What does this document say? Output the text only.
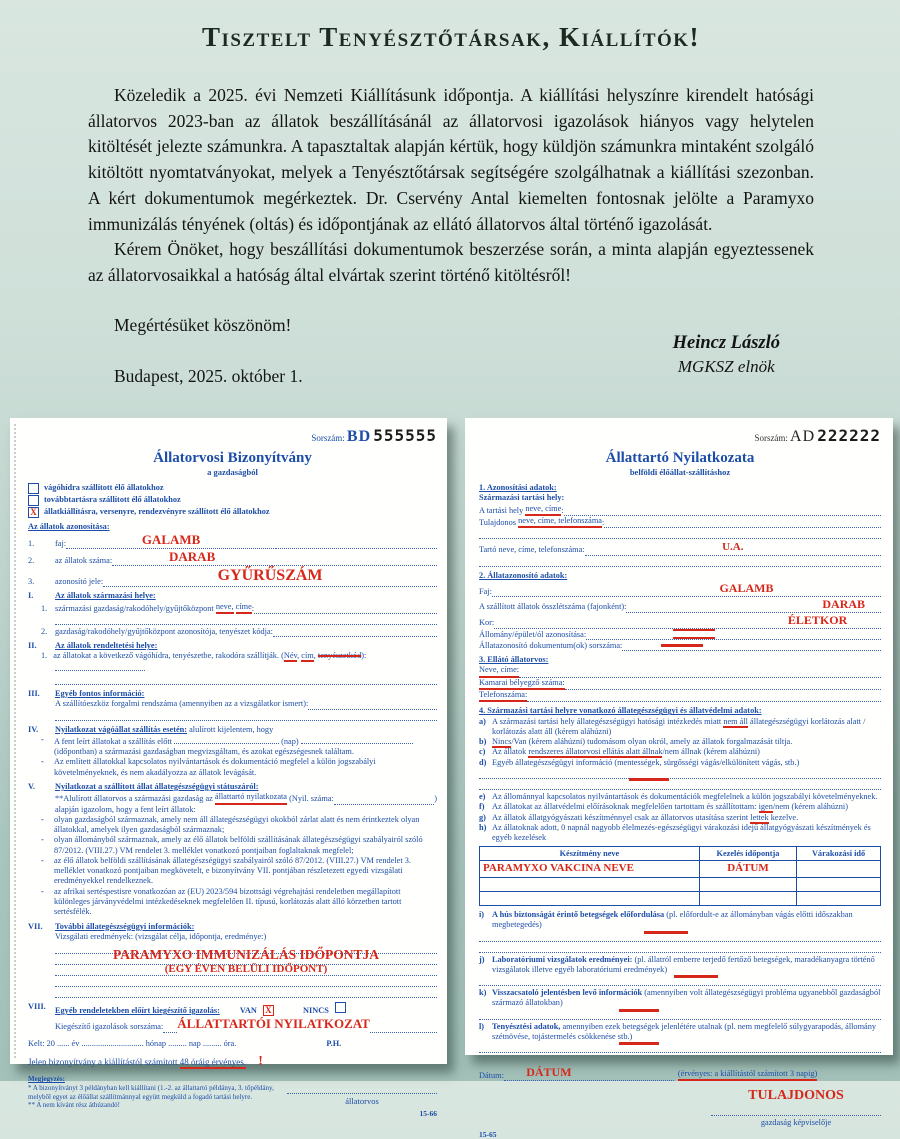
Tisztelt Tenyésztőtársak, Kiállítók!

Közeledik a 2025. évi Nemzeti Kiállításunk időpontja. A kiállítási helyszínre kirendelt hatósági állatorvos 2023-ban az állatok beszállításánál az állatorvosi igazolások hiányos vagy helytelen kitöltését jelezte számunkra. A tapasztaltak alapján kértük, hogy küldjön számunkra mintaként szolgáló kitöltött nyomtatványokat, melyek a Tenyésztőtársak segítségére szolgálhatnak a kiállítási szezonban. A kért dokumentumok megérkeztek. Dr. Cservény Antal kiemelten fontosnak jelölte a Paramyxo immunizálás tényének (oltás) és időpontjának az ellátó állatorvos által történő igazolását.

Kérem Önöket, hogy beszállítási dokumentumok beszerzése során, a minta alapján egyeztessenek az állatorvosaikkal a hatóság által elvártak szerint történő kitöltésről!

Megértésüket köszönöm!

Budapest, 2025. október 1.

Heincz László
MGKSZ elnök
Sorszám: BD 555555
Állatorvosi Bizonyítvány
a gazdaságból
vágóhídra szállított élő állatokhoz
továbbtartásra szállított élő állatokhoz
X állatkiállításra, versenyre, rendezvényre szállított élő állatokhoz
Az állatok azonosítása:
1.	faj:	GALAMB
2.	az állatok száma:	DARAB
3.	azonosító jele:	GYŰRŰSZÁM
I.	Az állatok származási helye:
1. származási gazdaság/rakodóhely/gyűjtőközpont
neve,
címe :
2. gazdaság/rakodóhely/gyűjtőközpont azonosítója, tenyészet kódja:
II.	Az állatok rendeltetési helye:
1. az állatokat a következő vágóhídra, tenyészetbe, rakodóra szállítják. (Név, cím, tenyészetkód):
III.	Egyéb fontos információ:
A szállítóeszköz forgalmi rendszáma (amennyiben az a vizsgálatkor ismert):
IV.	Nyilatkozat vágóállat szállítás esetén: alulírott kijelentem, hogy
-	A fent leírt állatokat a szállítás előtt	(nap)  (időpontban) a származási gazdaságban megvizsgáltam, és azokat egészségesnek találtam.
-	Az említett állatokkal kapcsolatos nyilvántartások és dokumentáció megfelel a külön jogszabályi követelményeknek, és nem akadályozza az állatok levágását.
V.	Nyilatkozat a szállított állat állategészségügyi státuszáról:
**Alulírott állatorvos a származási gazdaság az
állattartó nyilatkozata
(Nyil. száma:	)
alapján igazolom, hogy a fent leírt állatok:
-	olyan gazdaságból származnak, amely nem áll állategészségügyi okokból zárlat alatt és nem érintkeztek olyan állatokkal, amelyek ilyen gazdaságból származnak;
-	olyan állományból származnak, amely az élő állatok belföldi szállításának állategészségügyi szabályairól szóló 87/2012. (VIII.27.) VM rendelet 3. melléklet vonatkozó pontjaiban foglaltaknak megfelel;
-	az élő állatok belföldi szállításának állategészségügyi szabályairól szóló 87/2012. (VIII.27.) VM rendelet 3. melléklet vonatkozó pontjaiban megkövetelt, e bizonyítvány VII. pontjában részletezett egyedi vizsgálati eredményekkel rendelkeznek.
-	az afrikai sertéspestisre vonatkozóan az (EU) 2023/594 bizottsági végrehajtási rendeletben megállapított különleges járványvédelmi intézkedéseknek megfelelően II. típusú, korlátozás alatt álló körzetben tartott sertésfélék.
VII.	További állategészségügyi információk:
Vizsgálati eredmények: (vizsgálat célja, időpontja, eredménye:)
PARAMYXO IMMUNIZÁLÁS IDŐPONTJA
(EGY ÉVEN BELÜLI IDŐPONT)
VIII.	Egyéb rendeletekben előírt kiegészítő igazolás: VAN X	NINCS
Kiegészítő igazolások sorszáma: ÁLLATTARTÓI NYILATKOZAT
Kelt: 20 ...... év .............................. hónap ......... nap ......... óra.	P.H.
Jelen bizonyítvány a kiállítástól számított 48 óráig érvényes. !
Megjegyzés:
* A bizonyítványt 3 példányban kell kiállítani (1.-2. az állattartó példánya, 3. tőpéldány, melyből egyet az élőállat szállítmánnyal együtt megküld a fogadó tartási helyre.
** A nem kívánt rész áthúzandó!	állatorvos
15-66
Sorszám: AD 222222
Állattartó Nyilatkozata
belföldi élőállat-szállításhoz
1. Azonosítási adatok:
Származási tartási hely:
A tartási hely
neve, címe :
Tulajdonos
neve, címe, telefonszáma :
Tartó neve, címe, telefonszáma:	U.A.
2. Állatazonosító adatok:
Faj:	GALAMB
A szállított állatok összlétszáma (fajonként):	DARAB
Kor:	ÉLETKOR
Állomány/épület/ól azonosítása:
Állatazonosító dokumentum(ok) sorszáma:
3. Ellátó állatorvos:
Neve, címe:
Kamarai bélyegző száma:
Telefonszáma:
4. Származási tartási helyre vonatkozó állategészségügyi és állatvédelmi adatok:
a) A származási tartási hely állategészségügyi hatósági intézkedés miatt nem áll állategészségügyi korlátozás alatt / korlátozás alatt áll (kérem aláhúzni)
b) Nincs/Van (kérem aláhúzni) tudomásom olyan okról, amely az állatok forgalmazását tiltja.
c) Az állatok rendszeres állatorvosi ellátás alatt állnak/nem állnak (kérem aláhúzni)
d) Egyéb állategészségügyi információ (mentességek, sürgősségi vágás/elkülönített vágás, stb.)
e) Az állománnyal kapcsolatos nyilvántartások és dokumentációk megfelelnek a külön jogszabályi követelményeknek.
f) Az állatokat az állatvédelmi előírásoknak megfelelően tartottam és szállítottam: igen/nem (kérem aláhúzni)
g) Az állatok állatgyógyászati készítménnyel csak az állatorvos utasítása szerint lettek kezelve.
h) Az állatoknak adott, 0 napnál nagyobb élelmezés-egészségügyi várakozási idejű állatgyógyászati készítmények és egyéb kezelések
Készítmény neve	Kezelés időpontja	Várakozási idő
PARAMYXO VAKCINA NEVE	DÁTUM	

i) A hús biztonságát érintő betegségek előfordulása (pl. előfordult-e az állományban vágás előtti időszakban megbetegedés)
j) Laboratóriumi vizsgálatok eredményei: (pl. állatról emberre terjedő fertőző betegségek, maradékanyagra történő vizsgálatok illetve egyéb laboratóriumi eredmények)
k) Visszacsatoló jelentésben levő információk (amennyiben volt állategészségügyi probléma ugyanebből gazdaságból származó állatokban)
l) Tenyésztési adatok, amennyiben ezek betegségek jelenlétére utalnak (pl. nem megfelelő súlygyarapodás, állomány szétnövése, tojástermelés csökkenése stb.)
Dátum:	DÁTUM	(érvényes: a kiállítástól számított 3 napig)
TULAJDONOS
gazdaság képviselője
15-65
